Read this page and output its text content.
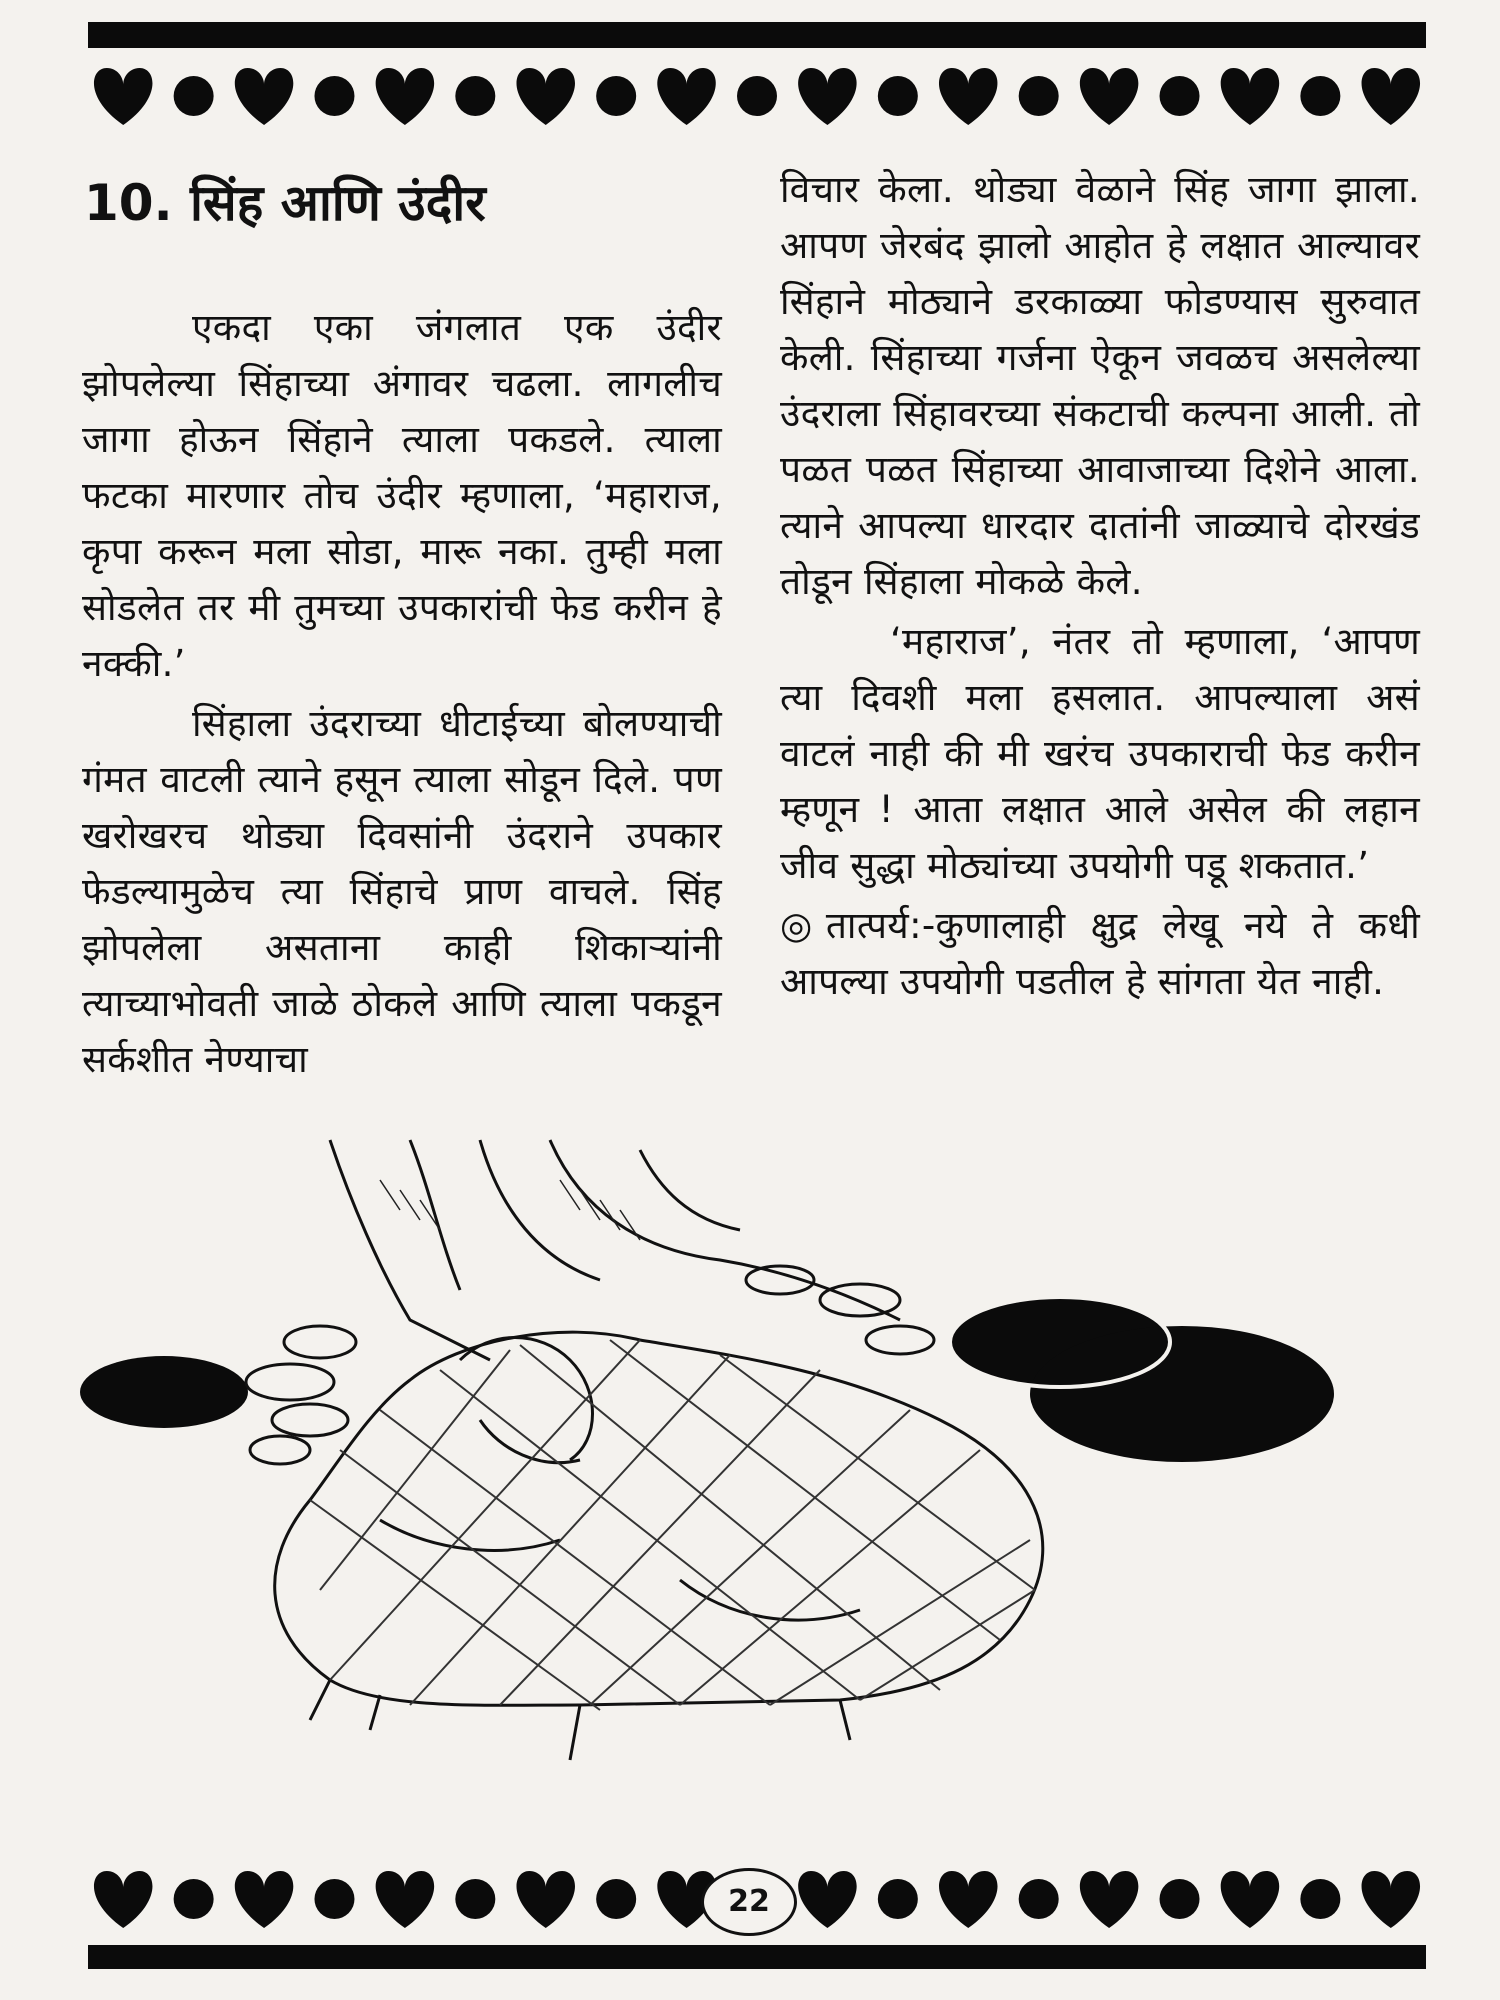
10. सिंह आणि उंदीर

एकदा एका जंगलात एक उंदीर झोपलेल्या सिंहाच्या अंगावर चढला. लागलीच जागा होऊन सिंहाने त्याला पकडले. त्याला फटका मारणार तोच उंदीर म्हणाला, ‘महाराज, कृपा करून मला सोडा, मारू नका. तुम्ही मला सोडलेत तर मी तुमच्या उपकारांची फेड करीन हे नक्की.’

सिंहाला उंदराच्या धीटाईच्या बोलण्याची गंमत वाटली त्याने हसून त्याला सोडून दिले. पण खरोखरच थोड्या दिवसांनी उंदराने उपकार फेडल्यामुळेच त्या सिंहाचे प्राण वाचले. सिंह झोपलेला असताना काही शिकाऱ्यांनी त्याच्याभोवती जाळे ठोकले आणि त्याला पकडून सर्कशीत नेण्याचा

विचार केला. थोड्या वेळाने सिंह जागा झाला. आपण जेरबंद झालो आहोत हे लक्षात आल्यावर सिंहाने मोठ्याने डरकाळ्या फोडण्यास सुरुवात केली. सिंहाच्या गर्जना ऐकून जवळच असलेल्या उंदराला सिंहावरच्या संकटाची कल्पना आली. तो पळत पळत सिंहाच्या आवाजाच्या दिशेने आला. त्याने आपल्या धारदार दातांनी जाळ्याचे दोरखंड तोडून सिंहाला मोकळे केले.

‘महाराज’, नंतर तो म्हणाला, ‘आपण त्या दिवशी मला हसलात. आपल्याला असं वाटलं नाही की मी खरंच उपकाराची फेड करीन म्हणून ! आता लक्षात आले असेल की लहान जीव सुद्धा मोठ्यांच्या उपयोगी पडू शकतात.’

◎तात्पर्य:-कुणालाही क्षुद्र लेखू नये ते कधी आपल्या उपयोगी पडतील हे सांगता येत नाही.

22
